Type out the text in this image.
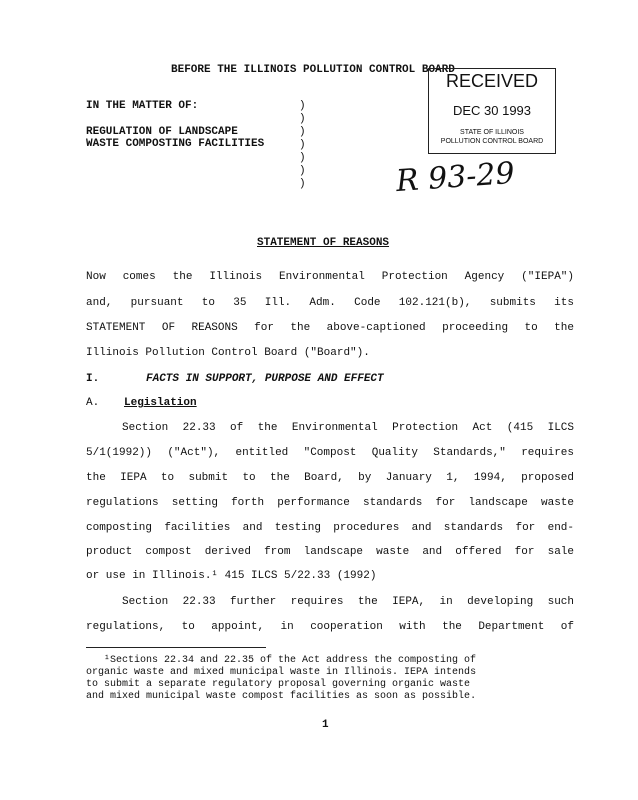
BEFORE THE ILLINOIS POLLUTION CONTROL BOARD
IN THE MATTER OF:
REGULATION OF LANDSCAPE
WASTE COMPOSTING FACILITIES
)
)
)
)
)
)
)
RECEIVED
DEC 30 1993
STATE OF ILLINOIS
POLLUTION CONTROL BOARD
R 93-29
STATEMENT OF REASONS
Now comes the Illinois Environmental Protection Agency ("IEPA")
and, pursuant to 35 Ill. Adm. Code 102.121(b), submits its
STATEMENT OF REASONS for the above-captioned proceeding to the
Illinois Pollution Control Board ("Board").
I.	FACTS IN SUPPORT, PURPOSE AND EFFECT
A. Legislation
Section 22.33 of the Environmental Protection Act (415 ILCS
5/1(1992)) ("Act"), entitled "Compost Quality Standards," requires
the IEPA to submit to the Board, by January 1, 1994, proposed
regulations setting forth performance standards for landscape waste
composting facilities and testing procedures and standards for end-
product compost derived from landscape waste and offered for sale
or use in Illinois.¹ 415 ILCS 5/22.33 (1992)
Section 22.33 further requires the IEPA, in developing such
regulations, to appoint, in cooperation with the Department of
¹Sections 22.34 and 22.35 of the Act address the composting of
organic waste and mixed municipal waste in Illinois. IEPA intends
to submit a separate regulatory proposal governing organic waste
and mixed municipal waste compost facilities as soon as possible.
1
